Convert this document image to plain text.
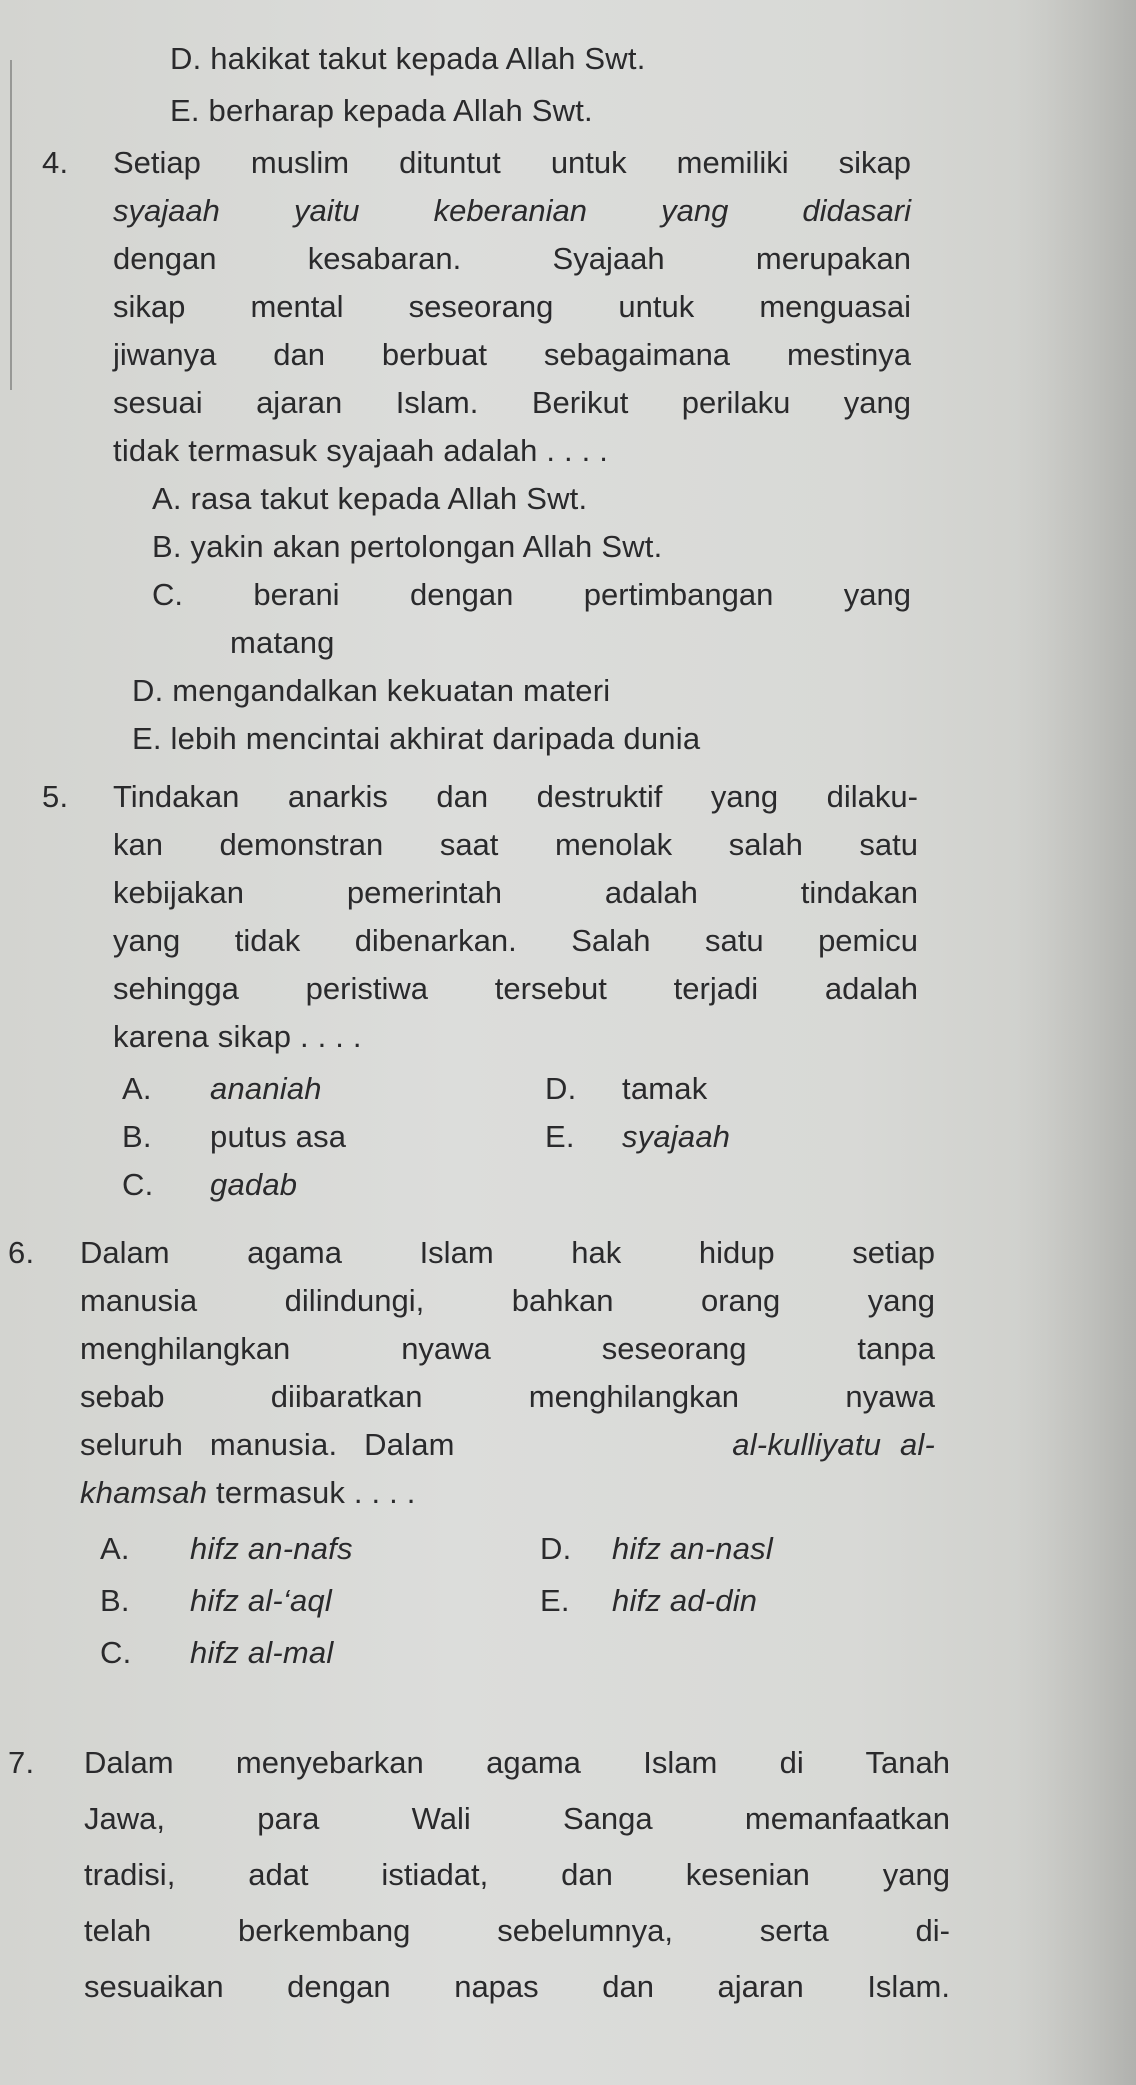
D. hakikat takut kepada Allah Swt.
E. berharap kepada Allah Swt.
4. Setiap muslim dituntut untuk memiliki sikap
syajaah yaitu keberanian yang didasari
dengan kesabaran. Syajaah merupakan
sikap mental seseorang untuk menguasai
jiwanya dan berbuat sebagaimana mestinya
sesuai ajaran Islam. Berikut perilaku yang
tidak termasuk syajaah adalah . . . .
A. rasa takut kepada Allah Swt.
B. yakin akan pertolongan Allah Swt.
C. berani dengan pertimbangan yang
matang
D. mengandalkan kekuatan materi
E. lebih mencintai akhirat daripada dunia
5. Tindakan anarkis dan destruktif yang dilaku-
kan demonstran saat menolak salah satu
kebijakan pemerintah adalah tindakan
yang tidak dibenarkan. Salah satu pemicu
sehingga peristiwa tersebut terjadi adalah
karena sikap . . . .
A. ananiah	D. tamak
B. putus asa	E. syajaah
C. gadab
6. Dalam agama Islam hak hidup setiap
manusia dilindungi, bahkan orang yang
menghilangkan nyawa seseorang tanpa
sebab diibaratkan menghilangkan nyawa
seluruh manusia. Dalam	al-kulliyatu al-
khamsah termasuk . . . .
A. hifz an-nafs	D. hifz an-nasl
B. hifz al-‘aql	E. hifz ad-din
C. hifz al-mal
7. Dalam menyebarkan agama Islam di Tanah
Jawa, para Wali Sanga memanfaatkan
tradisi, adat istiadat, dan kesenian yang
telah berkembang sebelumnya, serta di-
sesuaikan dengan napas dan ajaran Islam.
